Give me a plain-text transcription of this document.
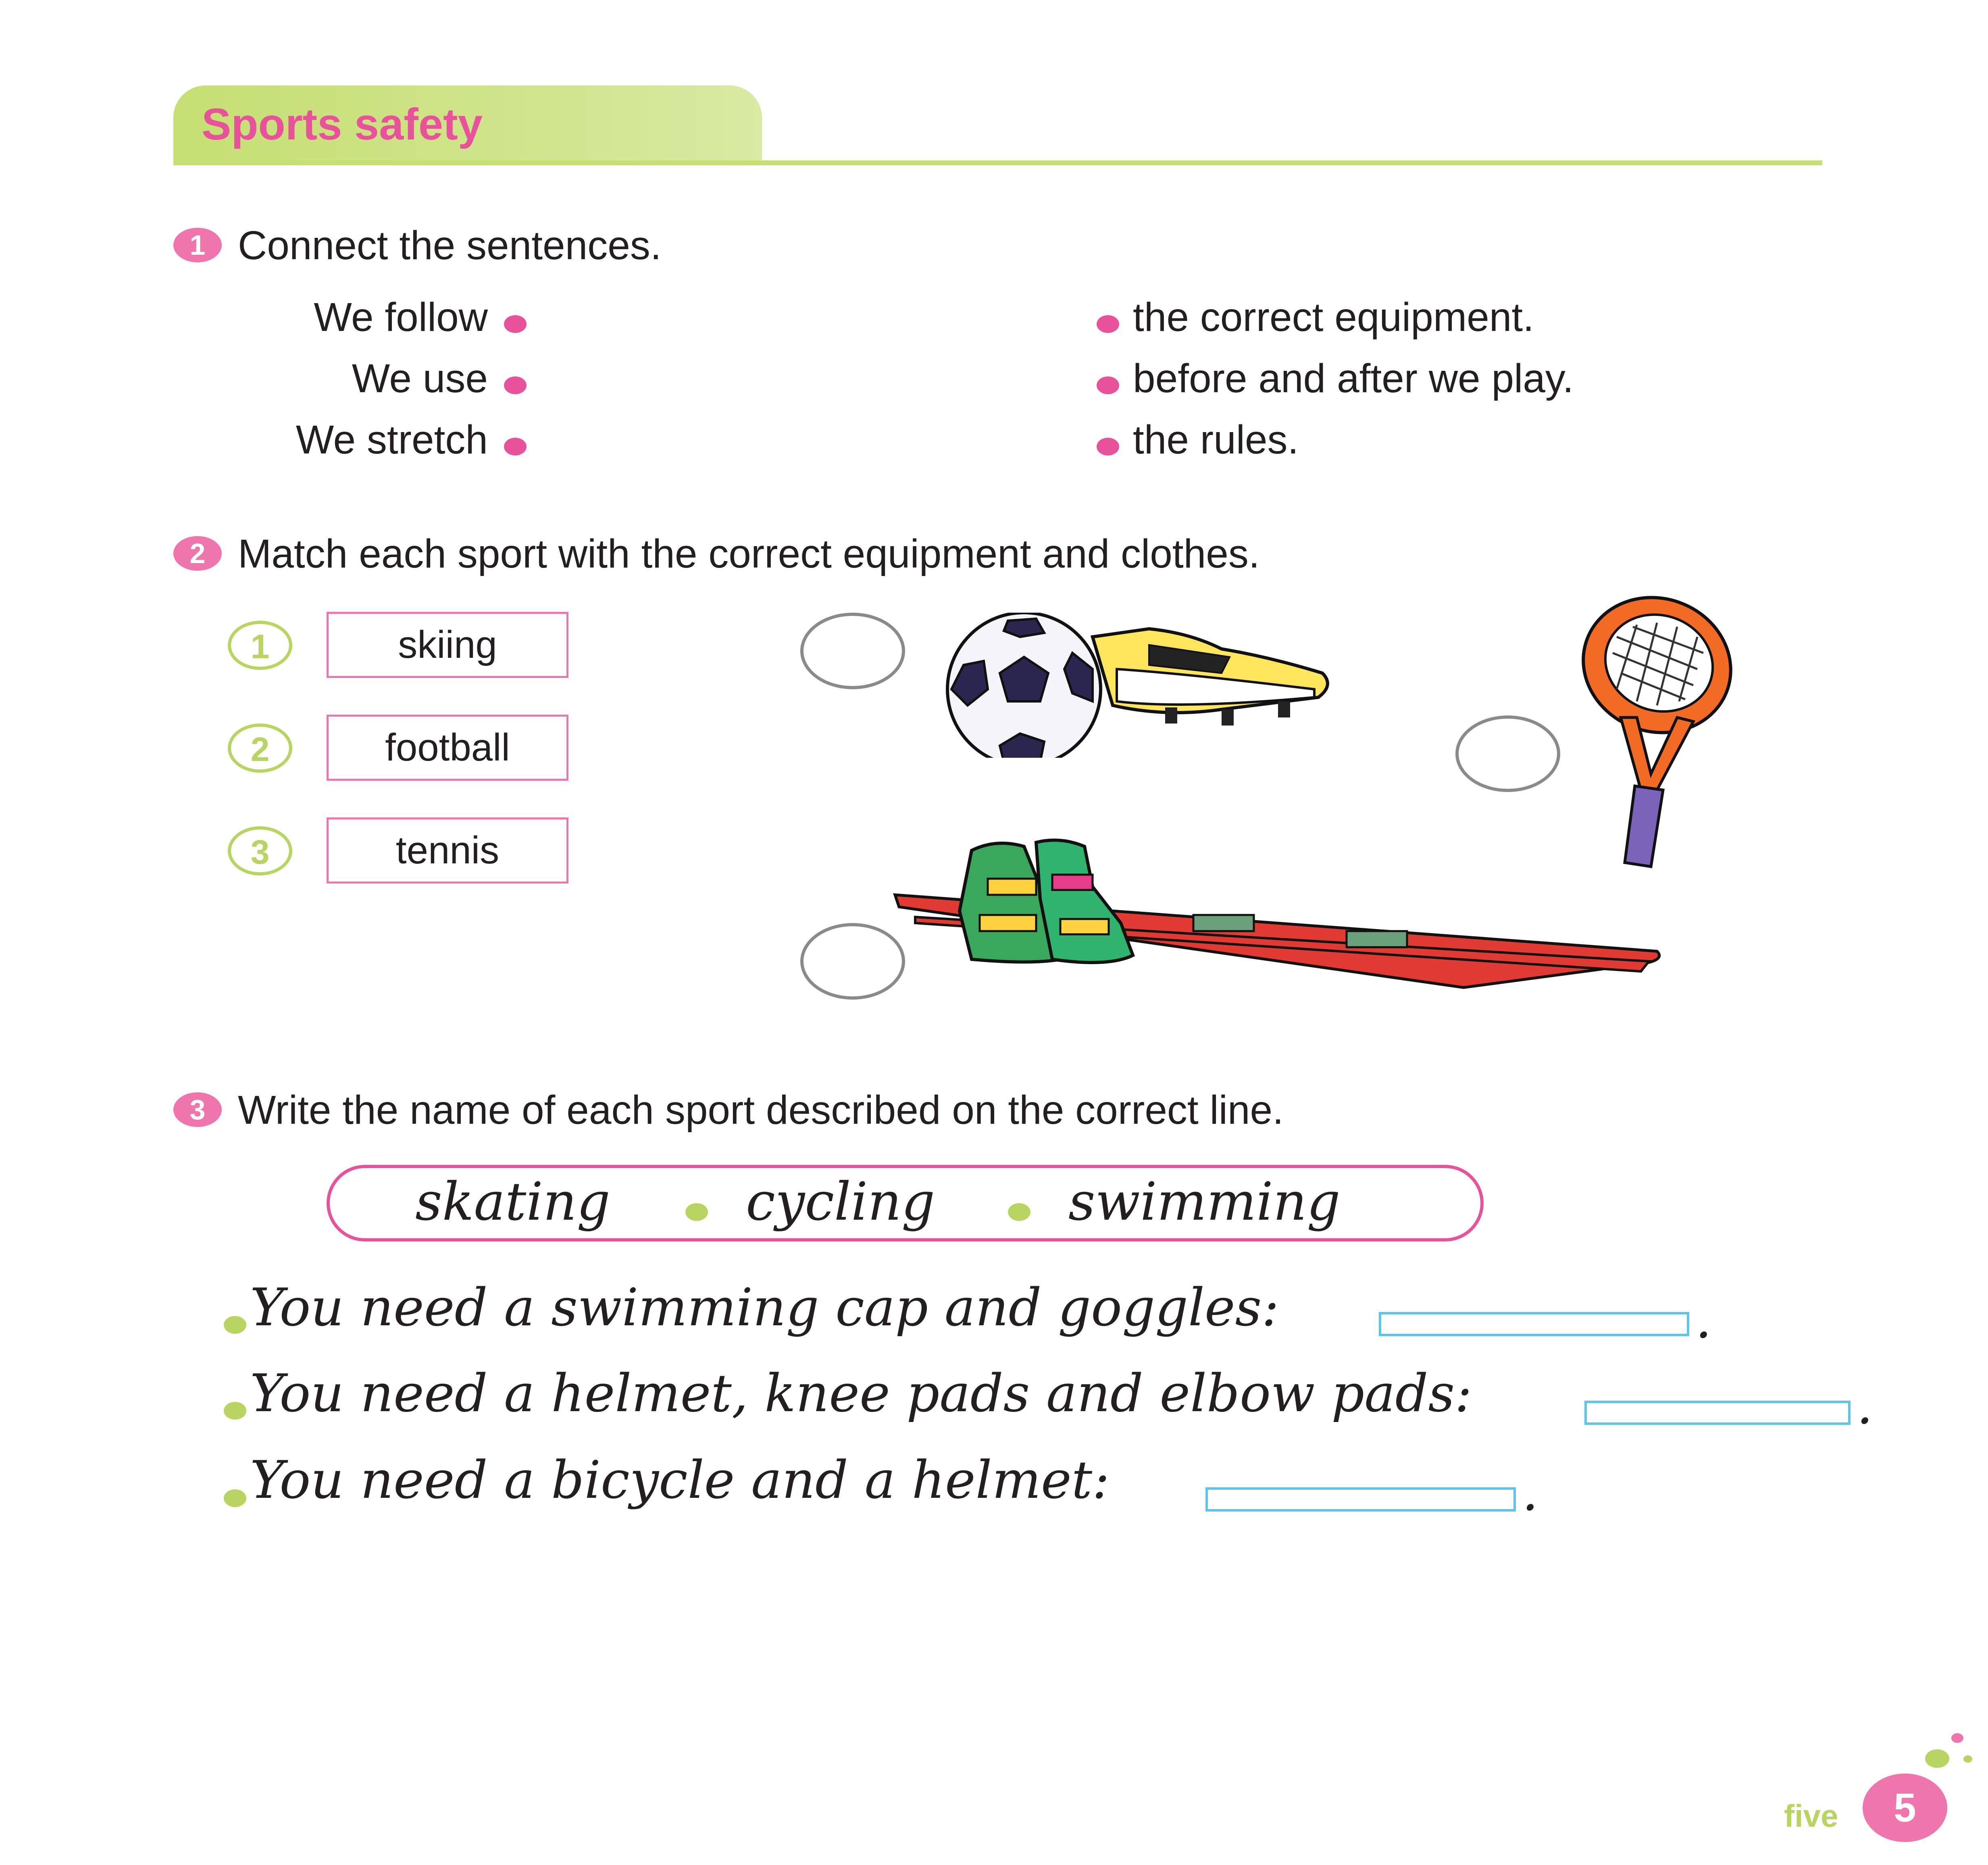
Sports safety
1 Connect the sentences.
We follow
We use
We stretch
the correct equipment.
before and after we play.
the rules.
2 Match each sport with the correct equipment and clothes.
1	skiing
2	football
3	tennis
3 Write the name of each sport described on the correct line.
skating	cycling	swimming
You need a swimming cap and goggles:	.
You need a helmet, knee pads and elbow pads:	.
You need a bicycle and a helmet:	.
five	5
